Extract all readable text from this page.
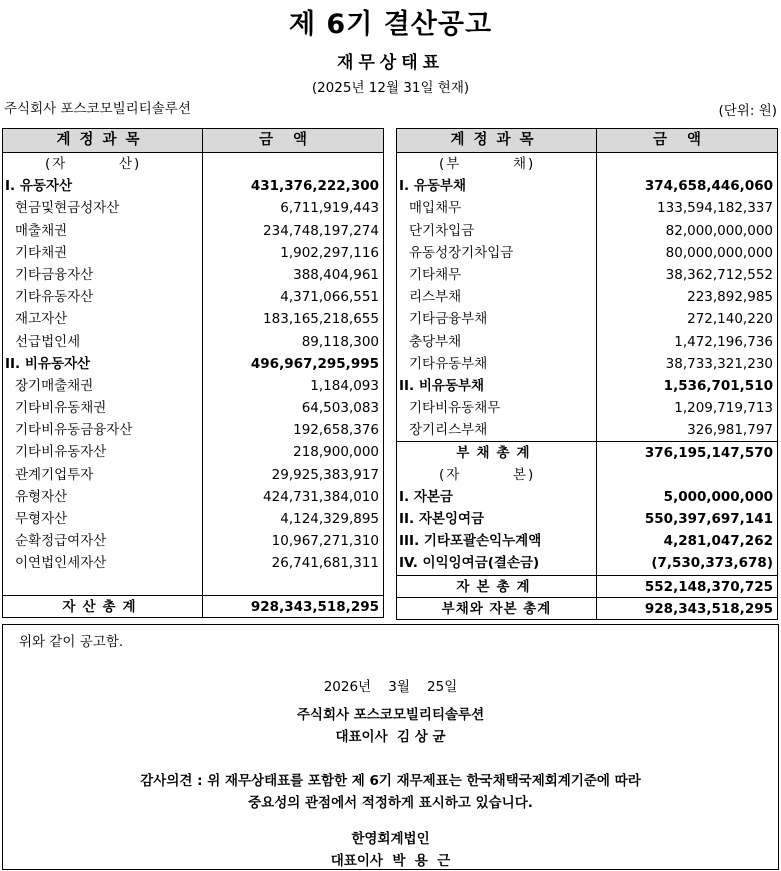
제 6기 결산공고
재무상태표
(2025년 12월 31일 현재)
주식회사 포스코모빌리티솔루션	(단위: 원)
계정과목	금액
(자	산)
I. 유동자산	431,376,222,300
현금및현금성자산	6,711,919,443
매출채권	234,748,197,274
기타채권	1,902,297,116
기타금융자산	388,404,961
기타유동자산	4,371,066,551
재고자산	183,165,218,655
선급법인세	89,118,300
II. 비유동자산	496,967,295,995
장기매출채권	1,184,093
기타비유동채권	64,503,083
기타비유동금융자산	192,658,376
기타비유동자산	218,900,000
관계기업투자	29,925,383,917
유형자산	424,731,384,010
무형자산	4,124,329,895
순확정급여자산	10,967,271,310
이연법인세자산	26,741,681,311
자산총계	928,343,518,295
계정과목	금액
(부	채)
I. 유동부채	374,658,446,060
매입채무	133,594,182,337
단기차입금	82,000,000,000
유동성장기차입금	80,000,000,000
기타채무	38,362,712,552
리스부채	223,892,985
기타금융부채	272,140,220
충당부채	1,472,196,736
기타유동부채	38,733,321,230
II. 비유동부채	1,536,701,510
기타비유동채무	1,209,719,713
장기리스부채	326,981,797
부채총계	376,195,147,570
(자	본)
I. 자본금	5,000,000,000
II. 자본잉여금	550,397,697,141
III. 기타포괄손익누계액	4,281,047,262
IV. 이익잉여금(결손금)	(7,530,373,678)
자본총계	552,148,370,725
부채와 자본 총계	928,343,518,295
위와 같이 공고함.
2026년    3월    25일
주식회사 포스코모빌리티솔루션
대표이사  김 상 균
감사의견 : 위 재무상태표를 포함한 제 6기 재무제표는 한국채택국제회계기준에 따라
중요성의 관점에서 적정하게 표시하고 있습니다.
한영회계법인
대표이사  박  용  근
